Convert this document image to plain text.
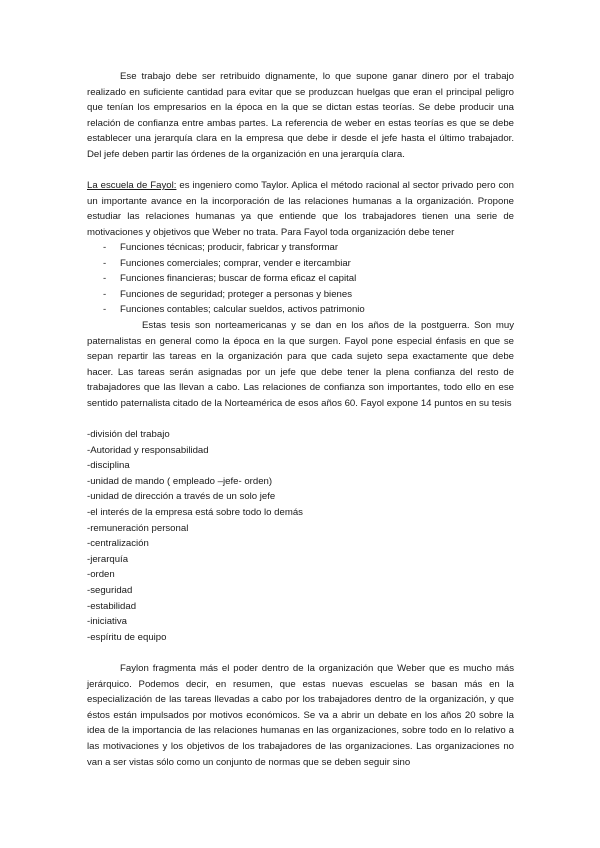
Ese trabajo debe ser retribuido dignamente, lo que supone ganar dinero por el trabajo realizado en suficiente cantidad para evitar que se produzcan huelgas que eran el principal peligro que tenían los empresarios en la época en la que se dictan estas teorías. Se debe producir una relación de confianza entre ambas partes. La referencia de weber en estas teorías es que se debe establecer una jerarquía clara en la empresa que debe ir desde el jefe hasta el último trabajador. Del jefe deben partir las órdenes de la organización en una jerarquía clara.

La escuela de Fayol: es ingeniero como Taylor. Aplica el método racional al sector privado pero con un importante avance en la incorporación de las relaciones humanas a la organización. Propone estudiar las relaciones humanas ya que entiende que los trabajadores tienen una serie de motivaciones y objetivos que Weber no trata. Para Fayol toda organización debe tener

- Funciones técnicas; producir, fabricar y transformar
- Funciones comerciales; comprar, vender e itercambiar
- Funciones financieras; buscar de forma eficaz el capital
- Funciones de seguridad; proteger a personas y bienes
- Funciones contables; calcular sueldos, activos patrimonio

Estas tesis son norteamericanas y se dan en los años de la postguerra. Son muy paternalistas en general como la época en la que surgen. Fayol pone especial énfasis en que se sepan repartir las tareas en la organización para que cada sujeto sepa exactamente que debe hacer. Las tareas serán asignadas por un jefe que debe tener la plena confianza del resto de trabajadores que las llevan a cabo. Las relaciones de confianza son importantes, todo ello en ese sentido paternalista citado de la Norteamérica de esos años 60. Fayol expone 14 puntos en su tesis

-división del trabajo
-Autoridad y responsabilidad
-disciplina
-unidad de mando ( empleado –jefe- orden)
-unidad de dirección a través de un solo jefe
-el interés de la empresa está sobre todo lo demás
-remuneración personal
-centralización
-jerarquía
-orden
-seguridad
-estabilidad
-iniciativa
-espíritu de equipo

Faylon fragmenta más el poder dentro de la organización que Weber que es mucho más jerárquico. Podemos decir, en resumen, que estas nuevas escuelas se basan más en la especialización de las tareas llevadas a cabo por los trabajadores dentro de la organización, y que éstos están impulsados por motivos económicos. Se va a abrir un debate en los años 20 sobre la idea de la importancia de las relaciones humanas en las organizaciones, sobre todo en lo relativo a las motivaciones y los objetivos de los trabajadores de las organizaciones. Las organizaciones no van a ser vistas sólo como un conjunto de normas que se deben seguir sino
